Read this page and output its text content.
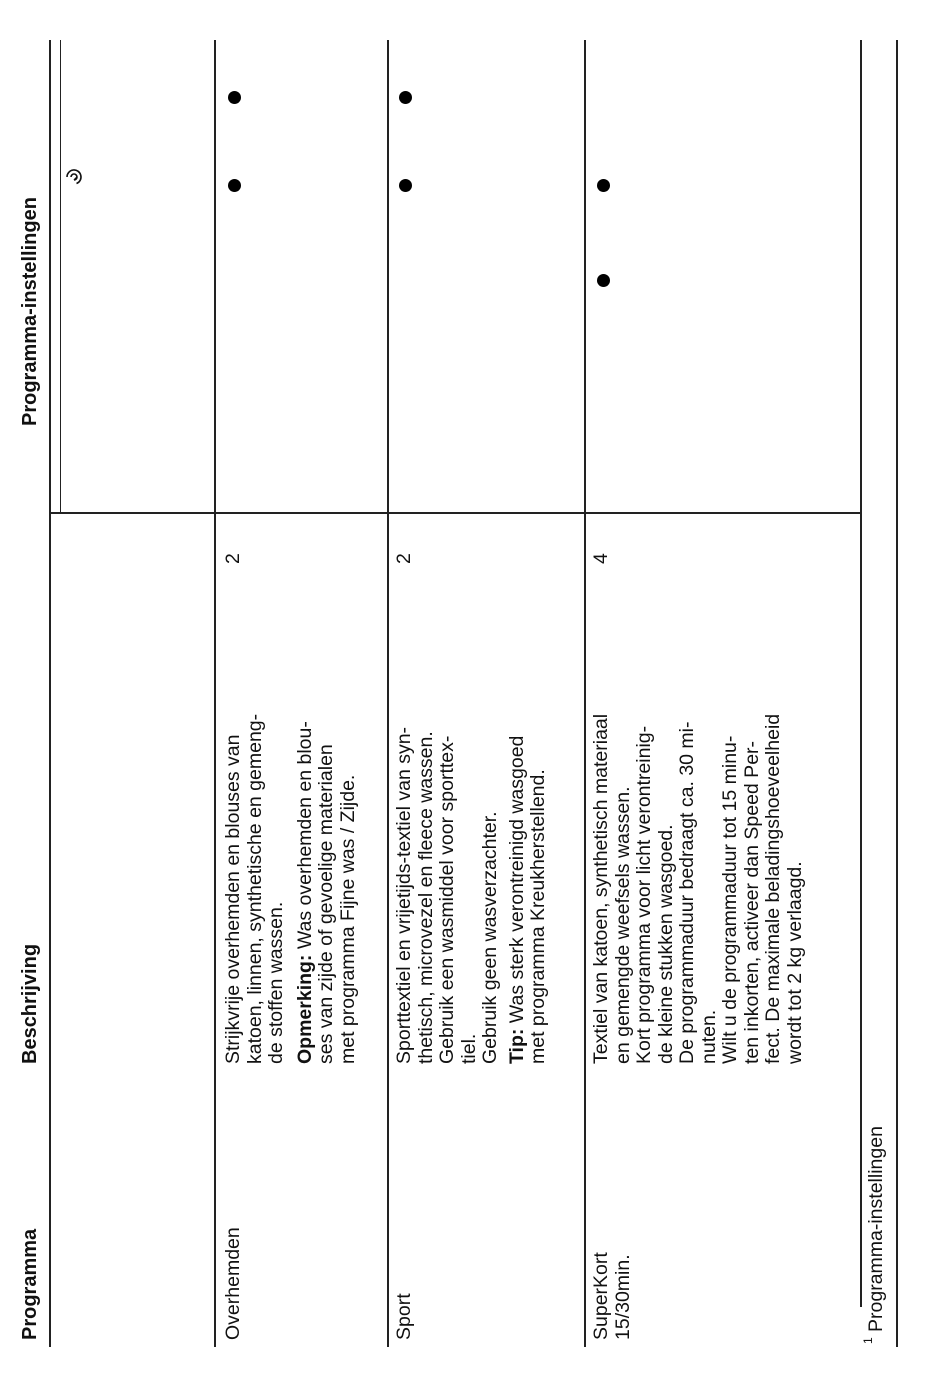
Programma
Beschrijving
Programma-instellingen
Overhemden
Strijkvrije overhemden en blouses van katoen, linnen, synthetische en gemeng- de stoffen wassen. Opmerking: Was overhemden en blou- ses van zijde of gevoelige materialen met programma Fijne was / Zijde.
2
Sport
Sporttextiel en vrijetijds-textiel van syn- thetisch, microvezel en fleece wassen. Gebruik een wasmiddel voor sporttex- tiel. Gebruik geen wasverzachter. Tip: Was sterk verontreinigd wasgoed met programma Kreukherstellend.
2
SuperKort 15/30min.
Textiel van katoen, synthetisch materiaal en gemengde weefsels wassen. Kort programma voor licht verontreinig- de kleine stukken wasgoed. De programmaduur bedraagt ca. 30 mi- nuten. Wilt u de programmaduur tot 15 minu- ten inkorten, activeer dan Speed Per- fect. De maximale beladingshoeveelheid wordt tot 2 kg verlaagd.
4
1
Programma-instellingen
